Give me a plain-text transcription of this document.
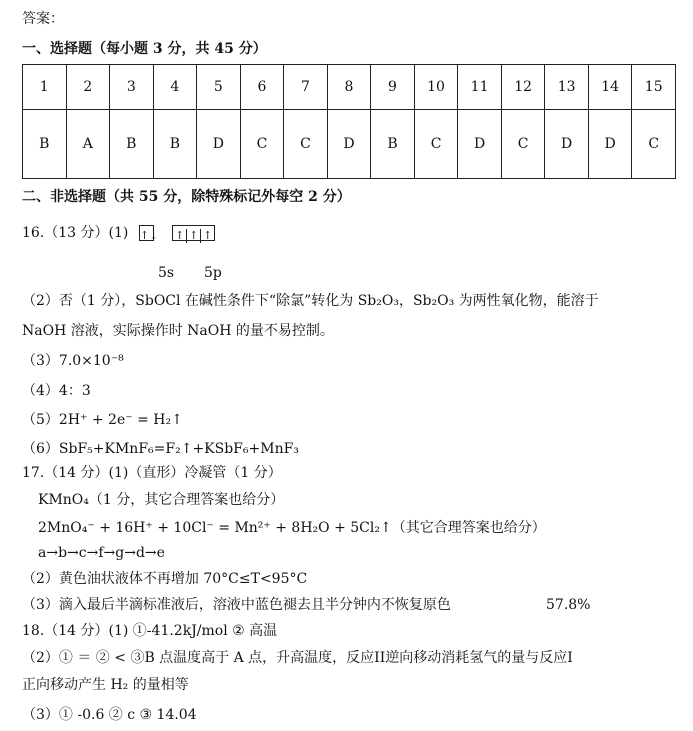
答案：
一、选择题（每小题 3 分，共 45 分）
1	2	3	4	5	6	7	8	9	10	11	12	13	14	15
B	A	B	B	D	C	C	D	B	C	D	C	D	D	C
二、非选择题（共 55 分，除特殊标记外每空 2 分）
16.（13 分）(1) ↑↓ ↑ ↑ ↑
5s 5p
（2）否（1 分），SbOCl 在碱性条件下“除氯”转化为 Sb₂O₃，Sb₂O₃ 为两性氧化物，能溶于
NaOH 溶液，实际操作时 NaOH 的量不易控制。
（3）7.0×10⁻⁸
（4）4：3
（5）2H⁺ + 2e⁻ = H₂↑
（6）SbF₅+KMnF₆=F₂↑+KSbF₆+MnF₃
17.（14 分）(1)（直形）冷凝管（1 分）
KMnO₄（1 分，其它合理答案也给分）
2MnO₄⁻ + 16H⁺ + 10Cl⁻ = Mn²⁺ + 8H₂O + 5Cl₂↑（其它合理答案也给分）
a→b→c→f→g→d→e
（2）黄色油状液体不再增加 70°C≤T<95°C
（3）滴入最后半滴标准液后，溶液中蓝色褪去且半分钟内不恢复原色	57.8%
18.（14 分）(1) ①-41.2kJ/mol ② 高温
（2）① ＝ ② < ③B 点温度高于 A 点，升高温度，反应II逆向移动消耗氢气的量与反应I
正向移动产生 H₂ 的量相等
（3）① -0.6 ② c ③ 14.04
